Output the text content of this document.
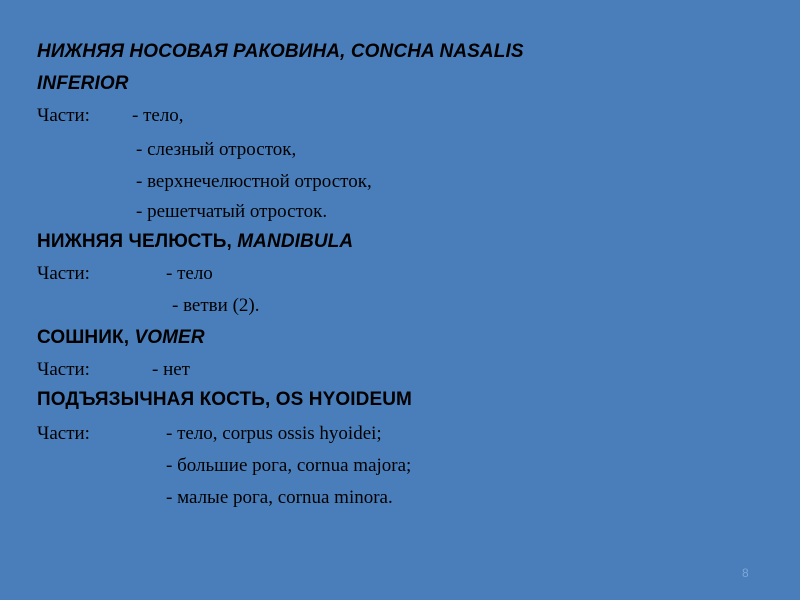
НИЖНЯЯ НОСОВАЯ РАКОВИНА, CONCHA NASALIS
INFERIOR
Части: - тело,
- слезный отросток,
- верхнечелюстной отросток,
- решетчатый отросток.
НИЖНЯЯ ЧЕЛЮСТЬ, MANDIBULA
Части:	- тело
- ветви (2).
СОШНИК, VOMER
Части:	- нет
ПОДЪЯЗЫЧНАЯ КОСТЬ, OS HYOIDEUM
Части:	- тело, corpus ossis hyoidei;
- большие рога, cornua majora;
- малые рога, cornua minora.
8
